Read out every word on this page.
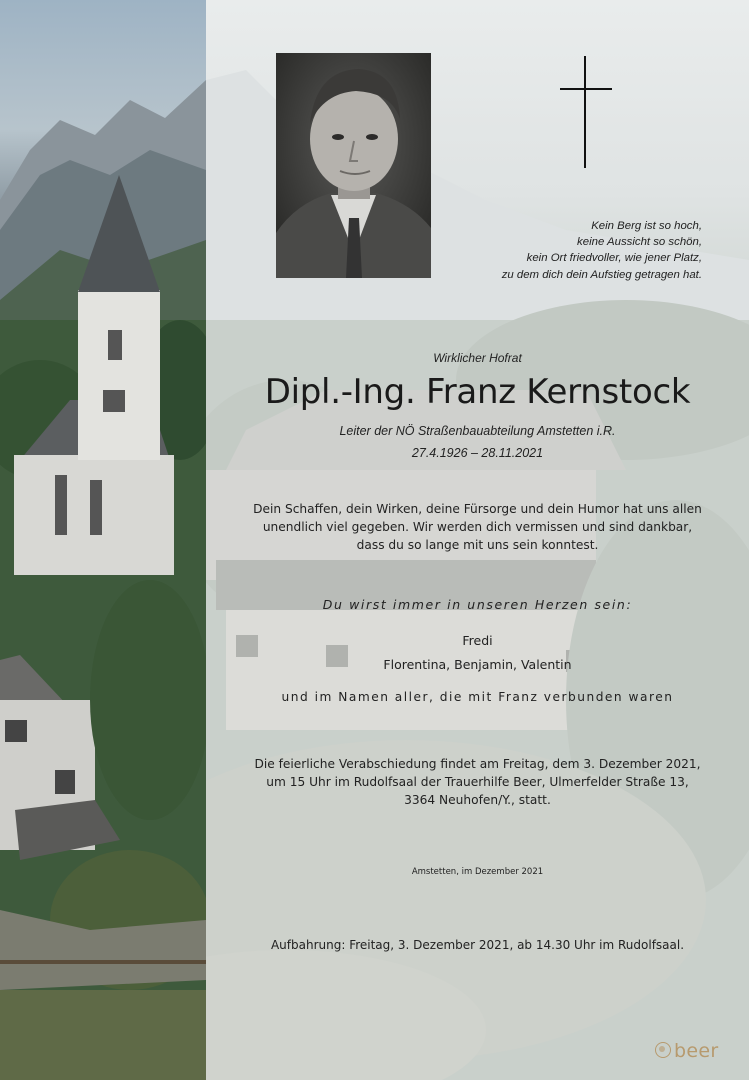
Kein Berg ist so hoch,
keine Aussicht so schön,
kein Ort friedvoller, wie jener Platz,
zu dem dich dein Aufstieg getragen hat.
Wirklicher Hofrat
Dipl.-Ing. Franz Kernstock
Leiter der NÖ Straßenbauabteilung Amstetten i.R.
27.4.1926 – 28.11.2021
Dein Schaffen, dein Wirken, deine Fürsorge und dein Humor hat uns allen
unendlich viel gegeben. Wir werden dich vermissen und sind dankbar,
dass du so lange mit uns sein konntest.
Du wirst immer in unseren Herzen sein:
Fredi
Florentina, Benjamin, Valentin
und im Namen aller, die mit Franz verbunden waren
Die feierliche Verabschiedung findet am Freitag, dem 3. Dezember 2021,
um 15 Uhr im Rudolfsaal der Trauerhilfe Beer, Ulmerfelder Straße 13,
3364 Neuhofen/Y., statt.
Amstetten, im Dezember 2021
Aufbahrung: Freitag, 3. Dezember 2021, ab 14.30 Uhr im Rudolfsaal.
beer
